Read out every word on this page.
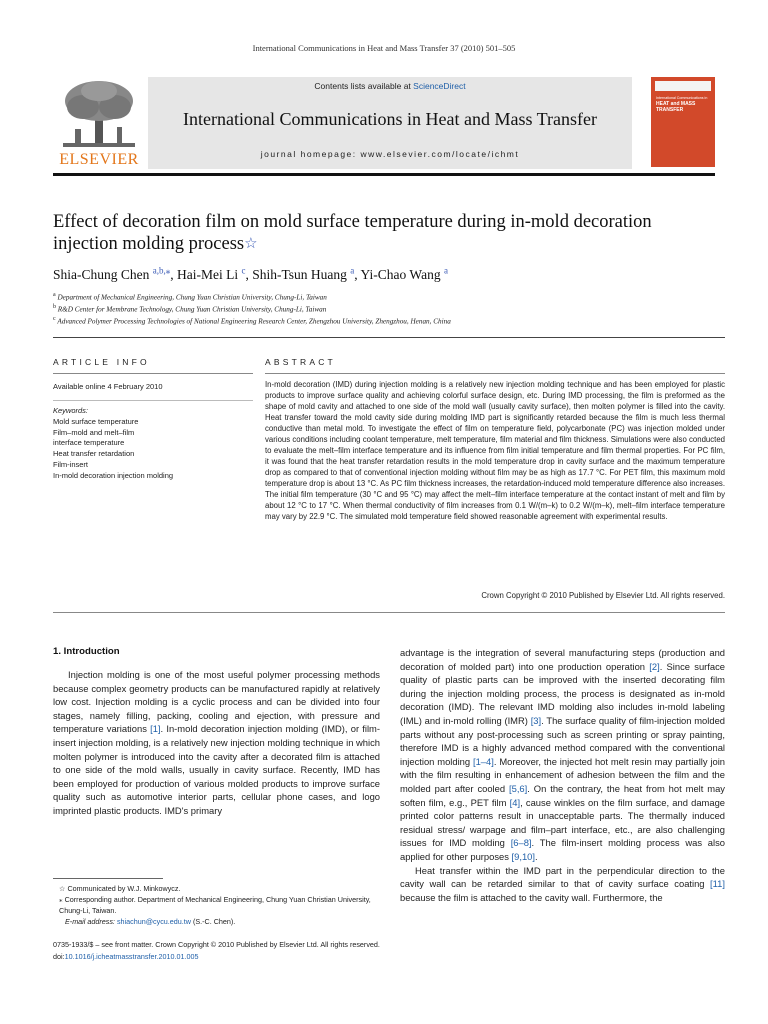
International Communications in Heat and Mass Transfer 37 (2010) 501–505
ELSEVIER
Contents lists available at ScienceDirect
International Communications in Heat and Mass Transfer
journal homepage: www.elsevier.com/locate/ichmt
International Communications in
HEAT and MASS
TRANSFER
Effect of decoration film on mold surface temperature during in-mold decoration
injection molding process☆
Shia-Chung Chen $^{a,b,⁎}$, Hai-Mei Li $^c$, Shih-Tsun Huang $^a$, Yi-Chao Wang $^a$
$^a$ Department of Mechanical Engineering, Chung Yuan Christian University, Chung-Li, Taiwan
$^b$ R&D Center for Membrane Technology, Chung Yuan Christian University, Chung-Li, Taiwan
$^c$ Advanced Polymer Processing Technologies of National Engineering Research Center, Zhengzhou University, Zhengzhou, Henan, China
ARTICLE INFO	ABSTRACT
Available online 4 February 2010
Keywords:
Mold surface temperature
Film–mold and melt–film
interface temperature
Heat transfer retardation
Film-insert
In-mold decoration injection molding
In-mold decoration (IMD) during injection molding is a relatively new injection molding technique and has been employed for plastic products to improve surface quality and achieving colorful surface design, etc. During IMD processing, the film is preformed as the shape of mold cavity and attached to one side of the mold wall (usually cavity surface), then molten polymer is filled into the cavity. Heat transfer toward the mold cavity side during molding IMD part is significantly retarded because the film is much less thermal conductive than metal mold. To investigate the effect of film on temperature field, polycarbonate (PC) was injection molded under various conditions including coolant temperature, melt temperature, film material and film thickness. Simulations were also conducted to evaluate the melt–film interface temperature and its influence from film initial temperature and film thermal properties. For PC film, it was found that the heat transfer retardation results in the mold temperature drop in cavity surface and the maximum temperature drop as compared to that of conventional injection molding without film may be as high as 17.7 °C. For PET film, this maximum mold temperature drop is about 13 °C. As PC film thickness increases, the retardation-induced mold temperature difference also increases. The initial film temperature (30 °C and 95 °C) may affect the melt–film interface temperature at the contact instant of melt and film by about 12 °C to 17 °C. When thermal conductivity of film increases from 0.1 W/(m–k) to 0.2 W/(m–k), melt–film interface temperature may vary by 22.9 °C. The simulated mold temperature field showed reasonable agreement with experimental results.
Crown Copyright © 2010 Published by Elsevier Ltd. All rights reserved.
1. Introduction

Injection molding is one of the most useful polymer processing methods because complex geometry products can be manufactured rapidly at relatively low cost. Injection molding is a cyclic process and can be divided into four stages, namely filling, packing, cooling and ejection, with pressure and temperature variations [1]. In-mold decoration injection molding (IMD), or film-insert injection molding, is a relatively new injection molding technique in which molten polymer is introduced into the cavity after a decorated film is attached to one side of the mold walls, usually in cavity surface. Recently, IMD has been employed for production of various molded products to improve surface quality such as automotive interior parts, cellular phone cases, and logo imprinted plastic products. IMD's primary

advantage is the integration of several manufacturing steps (production and decoration of molded part) into one production operation [2]. Since surface quality of plastic parts can be improved with the inserted decorating film during the injection molding process, the process is designated as in-mold decoration (IMD). The relevant IMD molding also includes in-mold labeling (IML) and in-mold rolling (IMR) [3]. The surface quality of film-injection molded parts without any post-processing such as screen printing or spray painting, therefore IMD is a highly advanced method compared with the conventional injection molding [1–4]. Moreover, the injected hot melt resin may partially join with the film resulting in enhancement of adhesion between the film and the molded part after cooled [5,6]. On the contrary, the heat from hot melt may soften film, e.g., PET film [4], cause winkles on the film surface, and damage printed color patterns result in unacceptable parts. The thermally induced residual stress/ warpage and film–part interface, etc., are also challenging issues for IMD molding [6–8]. The film-insert molding process was also applied for other purposes [9,10].

Heat transfer within the IMD part in the perpendicular direction to the cavity wall can be retarded similar to that of cavity surface coating [11] because the film is attached to the cavity wall. Furthermore, the

☆ Communicated by W.J. Minkowycz.
⁎ Corresponding author. Department of Mechanical Engineering, Chung Yuan Christian University, Chung-Li, Taiwan.
E-mail address: shiachun@cycu.edu.tw (S.-C. Chen).
0735-1933/$ – see front matter. Crown Copyright © 2010 Published by Elsevier Ltd. All rights reserved.
doi:10.1016/j.icheatmasstransfer.2010.01.005
